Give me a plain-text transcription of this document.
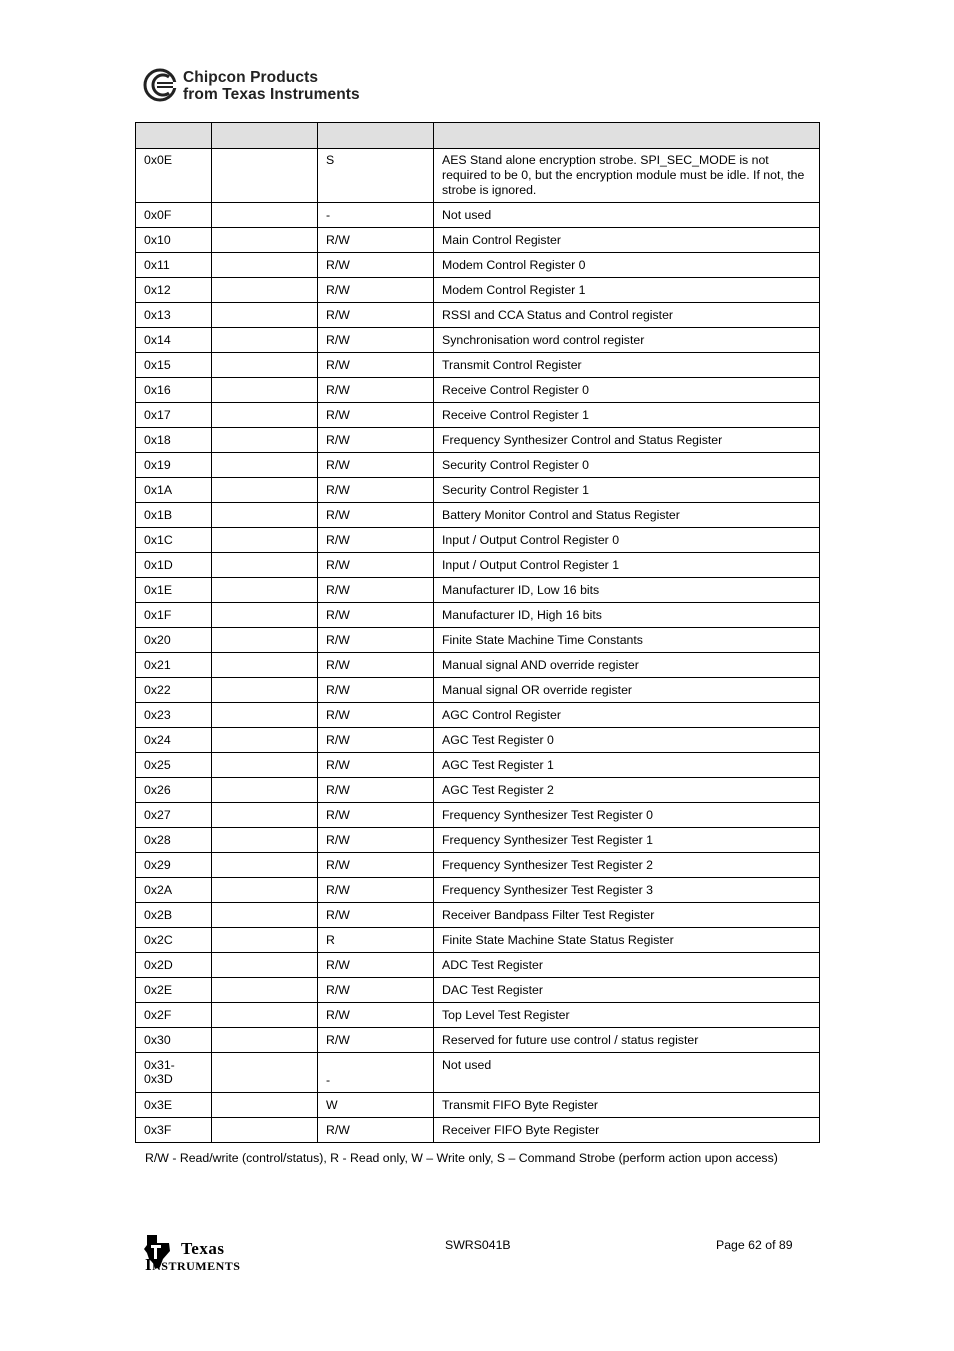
Chipcon Products
from Texas Instruments

0x0E		S	AES Stand alone encryption strobe. SPI_SEC_MODE is not required to be 0, but the encryption module must be idle. If not, the strobe is ignored.
0x0F		-	Not used
0x10		R/W	Main Control Register
0x11		R/W	Modem Control Register 0
0x12		R/W	Modem Control Register 1
0x13		R/W	RSSI and CCA Status and Control register
0x14		R/W	Synchronisation word control register
0x15		R/W	Transmit Control Register
0x16		R/W	Receive Control Register 0
0x17		R/W	Receive Control Register 1
0x18		R/W	Frequency Synthesizer Control and Status Register
0x19		R/W	Security Control Register 0
0x1A		R/W	Security Control Register 1
0x1B		R/W	Battery Monitor Control and Status Register
0x1C		R/W	Input / Output Control Register 0
0x1D		R/W	Input / Output Control Register 1
0x1E		R/W	Manufacturer ID, Low 16 bits
0x1F		R/W	Manufacturer ID, High 16 bits
0x20		R/W	Finite State Machine Time Constants
0x21		R/W	Manual signal AND override register
0x22		R/W	Manual signal OR override register
0x23		R/W	AGC Control Register
0x24		R/W	AGC Test Register 0
0x25		R/W	AGC Test Register 1
0x26		R/W	AGC Test Register 2
0x27		R/W	Frequency Synthesizer Test Register 0
0x28		R/W	Frequency Synthesizer Test Register 1
0x29		R/W	Frequency Synthesizer Test Register 2
0x2A		R/W	Frequency Synthesizer Test Register 3
0x2B		R/W	Receiver Bandpass Filter Test Register
0x2C		R	Finite State Machine State Status Register
0x2D		R/W	ADC Test Register
0x2E		R/W	DAC Test Register
0x2F		R/W	Top Level Test Register
0x30		R/W	Reserved for future use control / status register
0x31-
0x3D		-	Not used
0x3E		W	Transmit FIFO Byte Register
0x3F		R/W	Receiver FIFO Byte Register
R/W - Read/write (control/status), R - Read only, W – Write only, S – Command Strobe (perform action upon access)
Texas
Instruments
SWRS041B	Page 62 of 89
